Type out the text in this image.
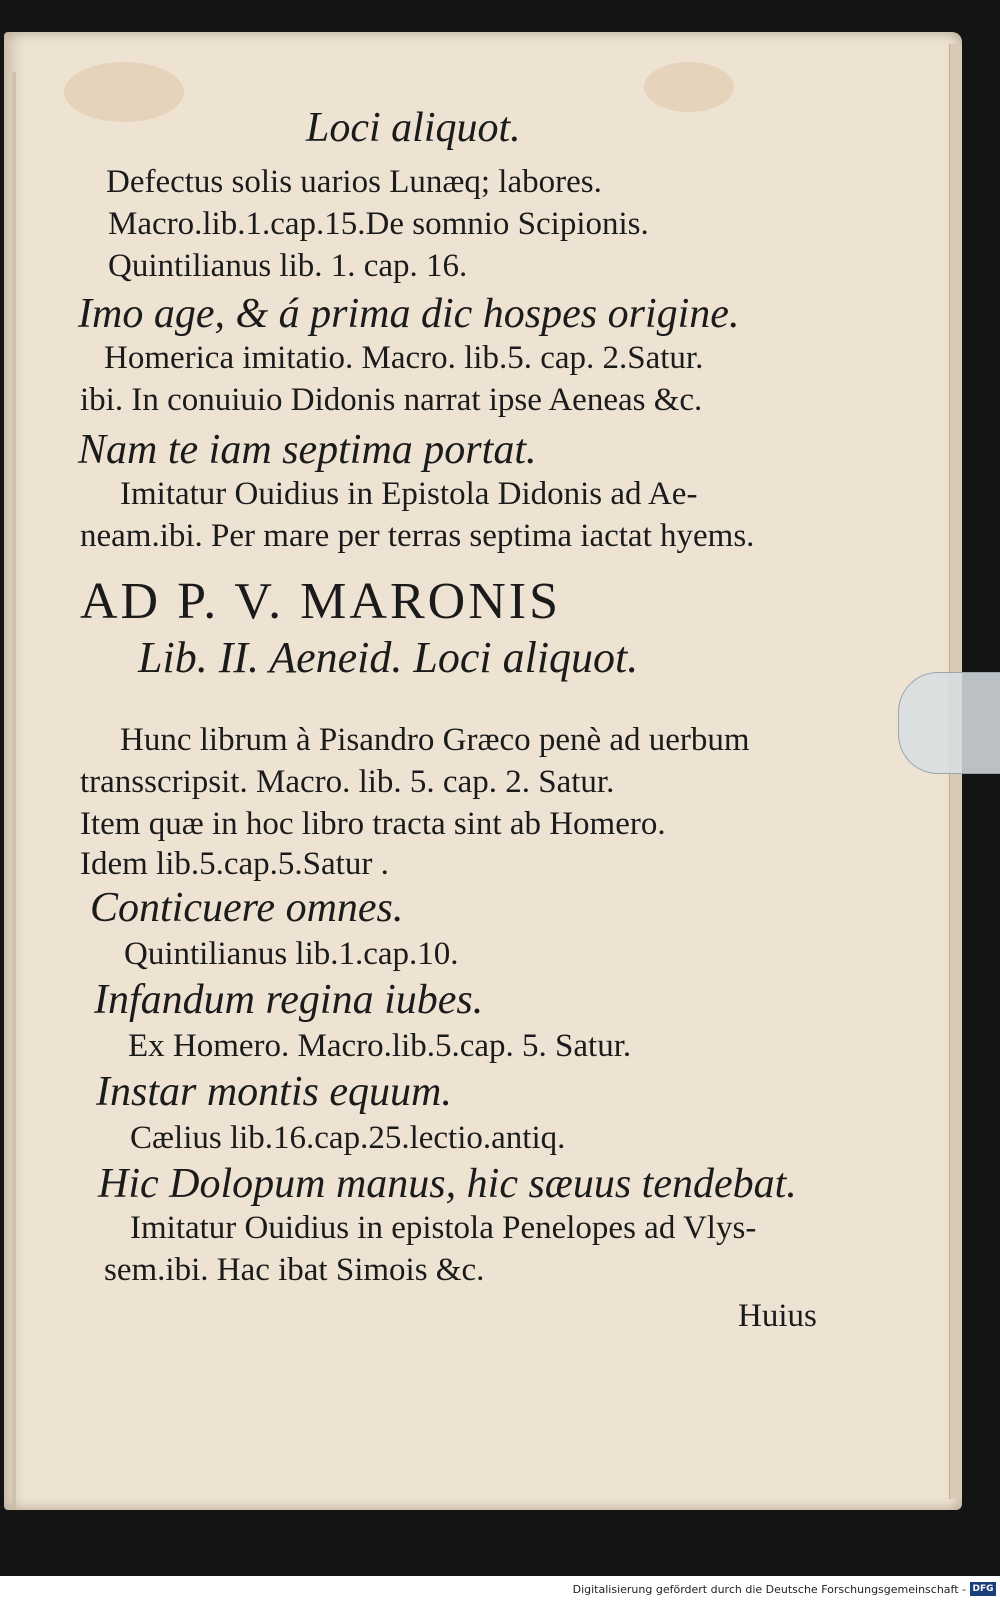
Loci aliquot.
Defectus solis uarios Lunæq; labores.
Macro.lib.1.cap.15.De somnio Scipionis.
Quintilianus lib. 1. cap. 16.
Imo age, & á prima dic hospes origine.
Homerica imitatio. Macro. lib.5. cap. 2.Satur.
ibi. In conuiuio Didonis narrat ipse Aeneas &c.
Nam te iam septima portat.
Imitatur Ouidius in Epistola Didonis ad Ae-
neam.ibi. Per mare per terras septima iactat hyems.
AD P. V. MARONIS
Lib. II. Aeneid. Loci aliquot.
Hunc librum à Pisandro Græco penè ad uerbum
transscripsit. Macro. lib. 5. cap. 2. Satur.
Item quæ in hoc libro tracta sint ab Homero.
Idem lib.5.cap.5.Satur .
Conticuere omnes.
Quintilianus lib.1.cap.10.
Infandum regina iubes.
Ex Homero. Macro.lib.5.cap. 5. Satur.
Instar montis equum.
Cælius lib.16.cap.25.lectio.antiq.
Hic Dolopum manus, hic sæuus tendebat.
Imitatur Ouidius in epistola Penelopes ad Vlys-
sem.ibi. Hac ibat Simois &c.
Huius
Digitalisierung gefördert durch die Deutsche Forschungsgemeinschaft - DFG
